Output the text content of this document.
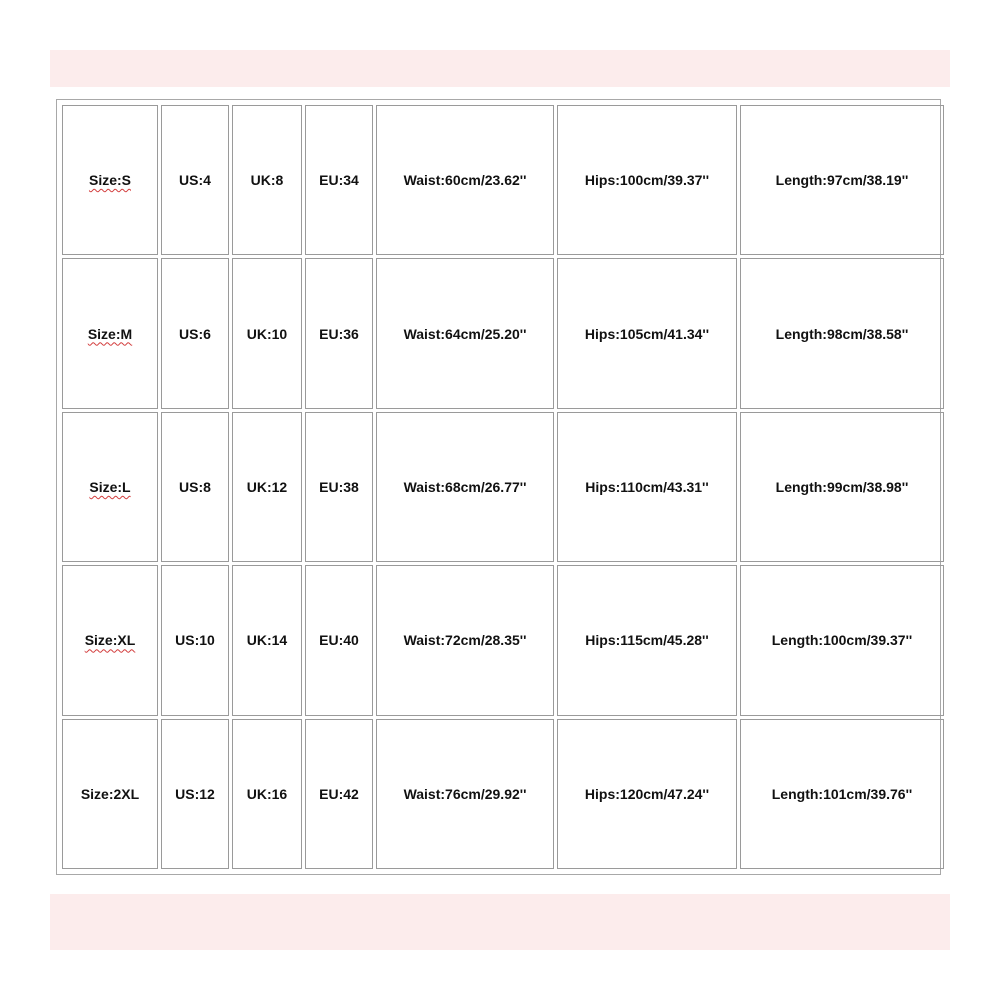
Size:S	US:4	UK:8	EU:34	Waist:60cm/23.62''	Hips:100cm/39.37''	Length:97cm/38.19''
Size:M	US:6	UK:10	EU:36	Waist:64cm/25.20''	Hips:105cm/41.34''	Length:98cm/38.58''
Size:L	US:8	UK:12	EU:38	Waist:68cm/26.77''	Hips:110cm/43.31''	Length:99cm/38.98''
Size:XL	US:10	UK:14	EU:40	Waist:72cm/28.35''	Hips:115cm/45.28''	Length:100cm/39.37''
Size:2XL	US:12	UK:16	EU:42	Waist:76cm/29.92''	Hips:120cm/47.24''	Length:101cm/39.76''
